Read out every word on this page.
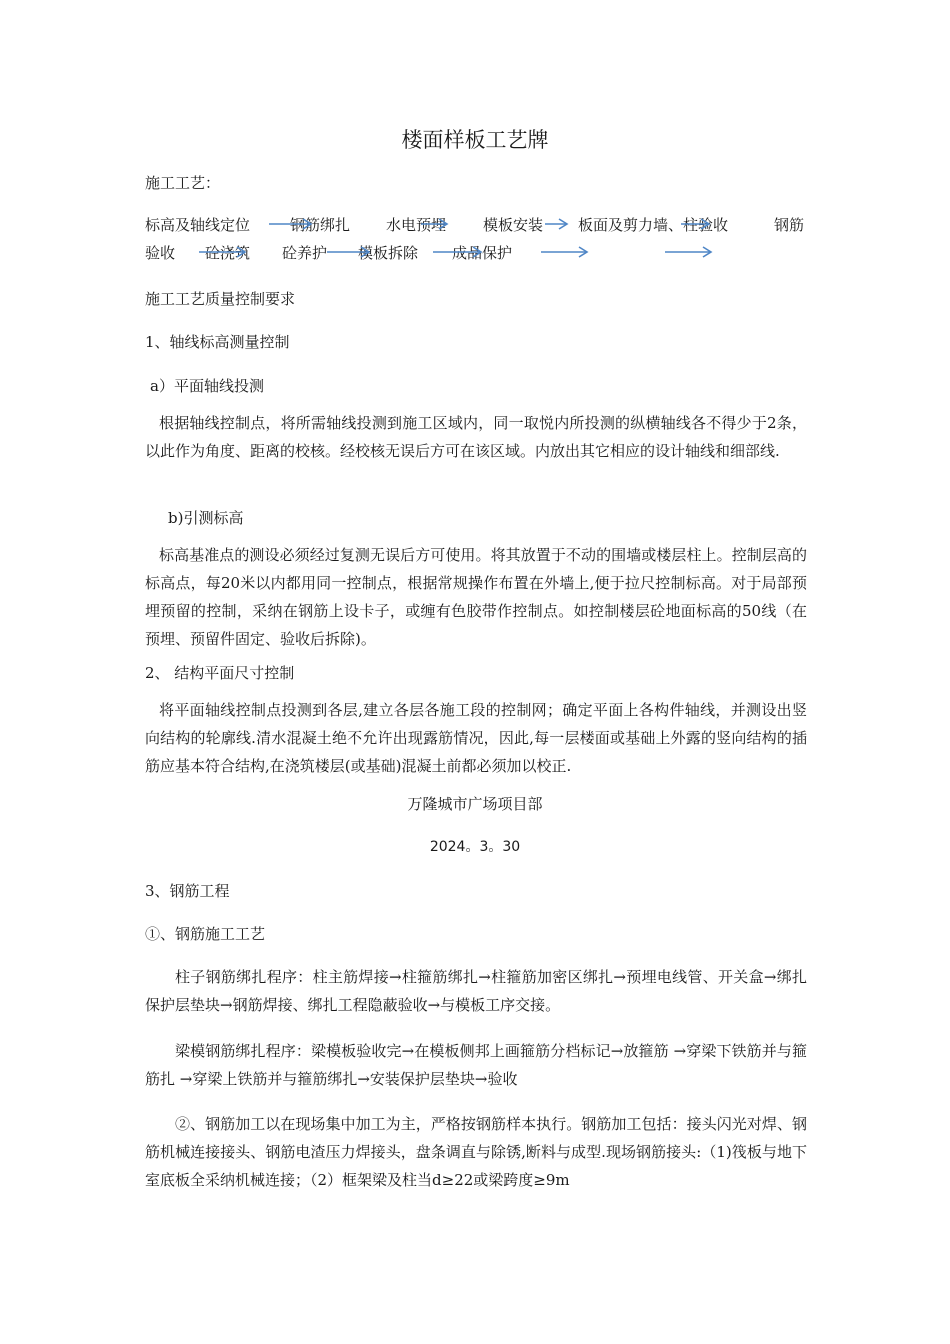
楼面样板工艺牌
施工工艺：
标高及轴线定位	钢筋绑扎 水电预埋 模板安装 板面及剪力墙、柱验收	钢筋
验收 砼浇筑 砼养护 模板拆除 成品保护
施工工艺质量控制要求
1、轴线标高测量控制
a）平面轴线投测
根据轴线控制点，将所需轴线投测到施工区域内，同一取悦内所投测的纵横轴线各不得少于2条，以此作为角度、距离的校核。经校核无误后方可在该区域。内放出其它相应的设计轴线和细部线.
b)引测标高
标高基准点的测设必须经过复测无误后方可使用。将其放置于不动的围墙或楼层柱上。控制层高的标高点，每20米以内都用同一控制点，根据常规操作布置在外墙上,便于拉尺控制标高。对于局部预埋预留的控制，采纳在钢筋上设卡子，或缠有色胶带作控制点。如控制楼层砼地面标高的50线（在预埋、预留件固定、验收后拆除)。
2、 结构平面尺寸控制
将平面轴线控制点投测到各层,建立各层各施工段的控制网；确定平面上各构件轴线，并测设出竖向结构的轮廓线.清水混凝土绝不允许出现露筋情况，因此,每一层楼面或基础上外露的竖向结构的插筋应基本符合结构,在浇筑楼层(或基础)混凝土前都必须加以校正.
万隆城市广场项目部
2024。3。30
3、钢筋工程
①、钢筋施工工艺
柱子钢筋绑扎程序：柱主筋焊接→柱箍筋绑扎→柱箍筋加密区绑扎→预埋电线管、开关盒→绑扎保护层垫块→钢筋焊接、绑扎工程隐蔽验收→与模板工序交接。
梁模钢筋绑扎程序：梁模板验收完→在模板侧邦上画箍筋分档标记→放箍筋 →穿梁下铁筋并与箍筋扎 →穿梁上铁筋并与箍筋绑扎→安装保护层垫块→验收
②、钢筋加工以在现场集中加工为主，严格按钢筋样本执行。钢筋加工包括：接头闪光对焊、钢筋机械连接接头、钢筋电渣压力焊接头，盘条调直与除锈,断料与成型.现场钢筋接头:（1)筏板与地下室底板全采纳机械连接；（2）框架梁及柱当d≥22或梁跨度≥9m
